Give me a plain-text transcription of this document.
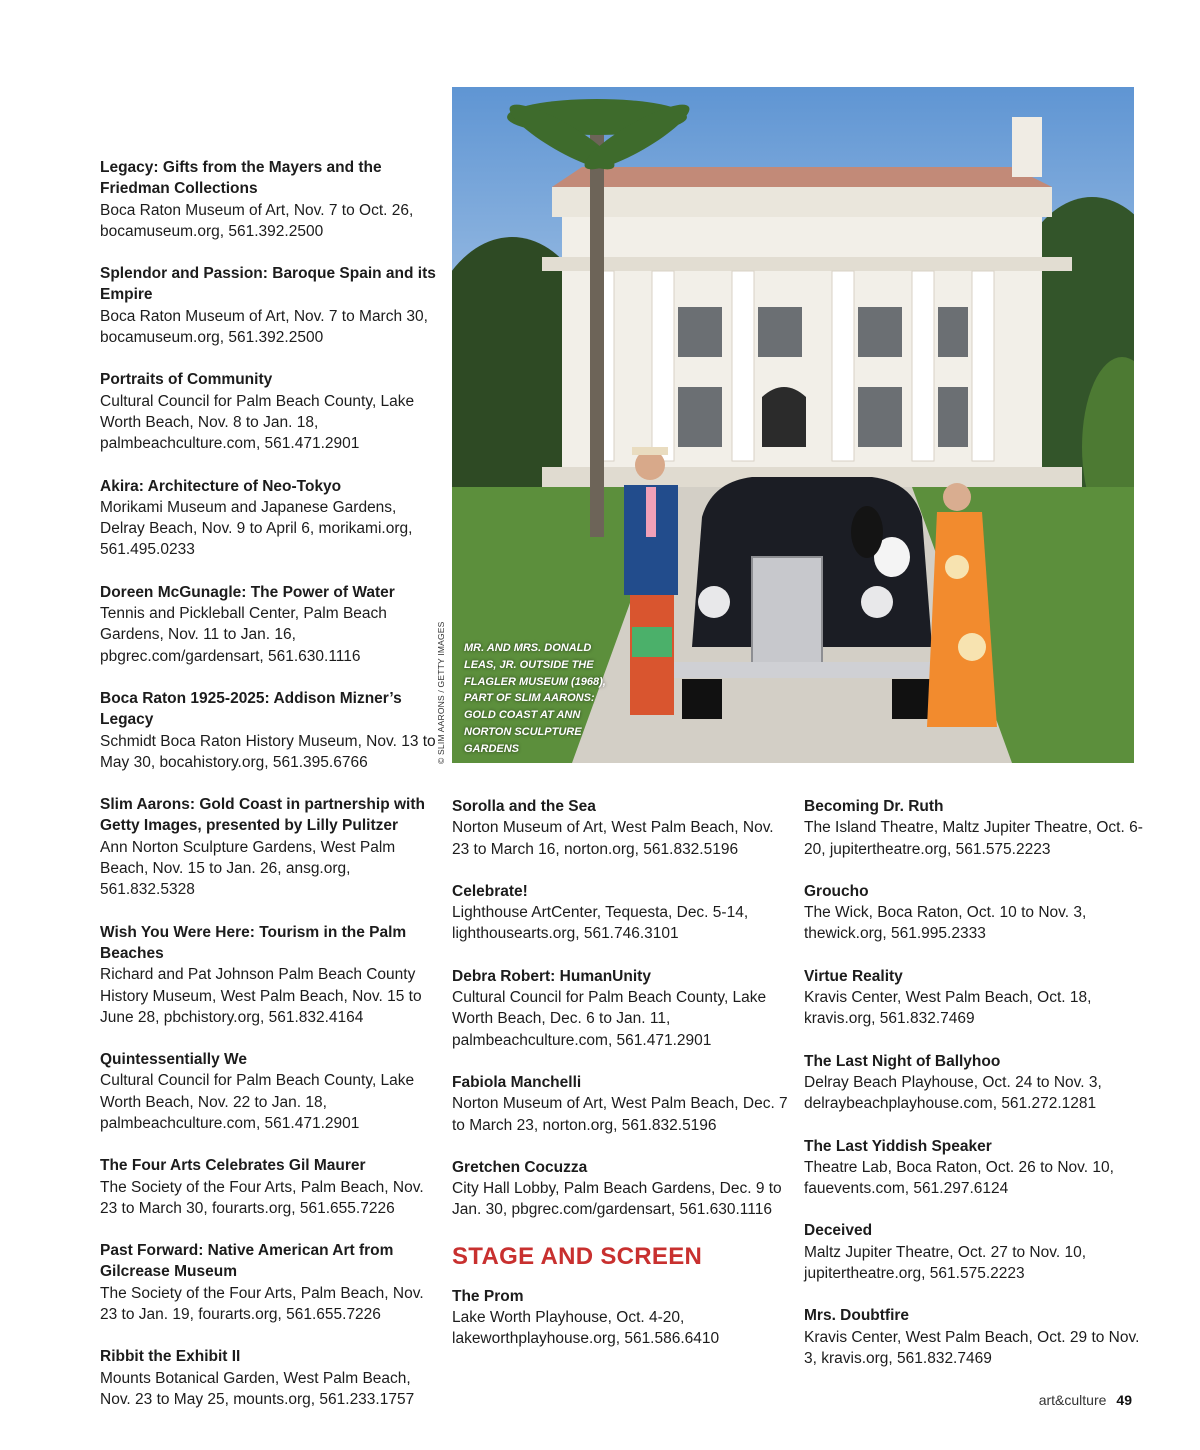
Legacy: Gifts from the Mayers and the Friedman Collections
Boca Raton Museum of Art, Nov. 7 to Oct. 26, bocamuseum.org, 561.392.2500
Splendor and Passion: Baroque Spain and its Empire
Boca Raton Museum of Art, Nov. 7 to March 30, bocamuseum.org, 561.392.2500
Portraits of Community
Cultural Council for Palm Beach County, Lake Worth Beach, Nov. 8 to Jan. 18, palmbeachculture.com, 561.471.2901
Akira: Architecture of Neo-Tokyo
Morikami Museum and Japanese Gardens, Delray Beach, Nov. 9 to April 6, morikami.org, 561.495.0233
Doreen McGunagle: The Power of Water
Tennis and Pickleball Center, Palm Beach Gardens, Nov. 11 to Jan. 16, pbgrec.com/gardensart, 561.630.1116
Boca Raton 1925-2025: Addison Mizner’s Legacy
Schmidt Boca Raton History Museum, Nov. 13 to May 30, bocahistory.org, 561.395.6766
Slim Aarons: Gold Coast in partnership with Getty Images, presented by Lilly Pulitzer
Ann Norton Sculpture Gardens, West Palm Beach, Nov. 15 to Jan. 26, ansg.org, 561.832.5328
Wish You Were Here: Tourism in the Palm Beaches
Richard and Pat Johnson Palm Beach County History Museum, West Palm Beach, Nov. 15 to June 28, pbchistory.org, 561.832.4164
Quintessentially We
Cultural Council for Palm Beach County, Lake Worth Beach, Nov. 22 to Jan. 18, palmbeachculture.com, 561.471.2901
The Four Arts Celebrates Gil Maurer
The Society of the Four Arts, Palm Beach, Nov. 23 to March 30, fourarts.org, 561.655.7226
Past Forward: Native American Art from Gilcrease Museum
The Society of the Four Arts, Palm Beach, Nov. 23 to Jan. 19, fourarts.org, 561.655.7226
Ribbit the Exhibit II
Mounts Botanical Garden, West Palm Beach, Nov. 23 to May 25, mounts.org, 561.233.1757
MR. AND MRS. DONALD LEAS, JR. OUTSIDE THE FLAGLER MUSEUM (1968), PART OF SLIM AARONS: GOLD COAST AT ANN NORTON SCULPTURE GARDENS
© SLIM AARONS / GETTY IMAGES
Sorolla and the Sea
Norton Museum of Art, West Palm Beach, Nov. 23 to March 16, norton.org, 561.832.5196
Celebrate!
Lighthouse ArtCenter, Tequesta, Dec. 5-14, lighthousearts.org, 561.746.3101
Debra Robert: HumanUnity
Cultural Council for Palm Beach County, Lake Worth Beach, Dec. 6 to Jan. 11, palmbeachculture.com, 561.471.2901
Fabiola Manchelli
Norton Museum of Art, West Palm Beach, Dec. 7 to March 23, norton.org, 561.832.5196
Gretchen Cocuzza
City Hall Lobby, Palm Beach Gardens, Dec. 9 to Jan. 30, pbgrec.com/gardensart, 561.630.1116
STAGE AND SCREEN
The Prom
Lake Worth Playhouse, Oct. 4-20, lakeworthplayhouse.org, 561.586.6410
Becoming Dr. Ruth
The Island Theatre, Maltz Jupiter Theatre, Oct. 6-20, jupitertheatre.org, 561.575.2223
Groucho
The Wick, Boca Raton, Oct. 10 to Nov. 3, thewick.org, 561.995.2333
Virtue Reality
Kravis Center, West Palm Beach, Oct. 18, kravis.org, 561.832.7469
The Last Night of Ballyhoo
Delray Beach Playhouse, Oct. 24 to Nov. 3, delraybeachplayhouse.com, 561.272.1281
The Last Yiddish Speaker
Theatre Lab, Boca Raton, Oct. 26 to Nov. 10, fauevents.com, 561.297.6124
Deceived
Maltz Jupiter Theatre, Oct. 27 to Nov. 10, jupitertheatre.org, 561.575.2223
Mrs. Doubtfire
Kravis Center, West Palm Beach, Oct. 29 to Nov. 3, kravis.org, 561.832.7469
art&culture 49
